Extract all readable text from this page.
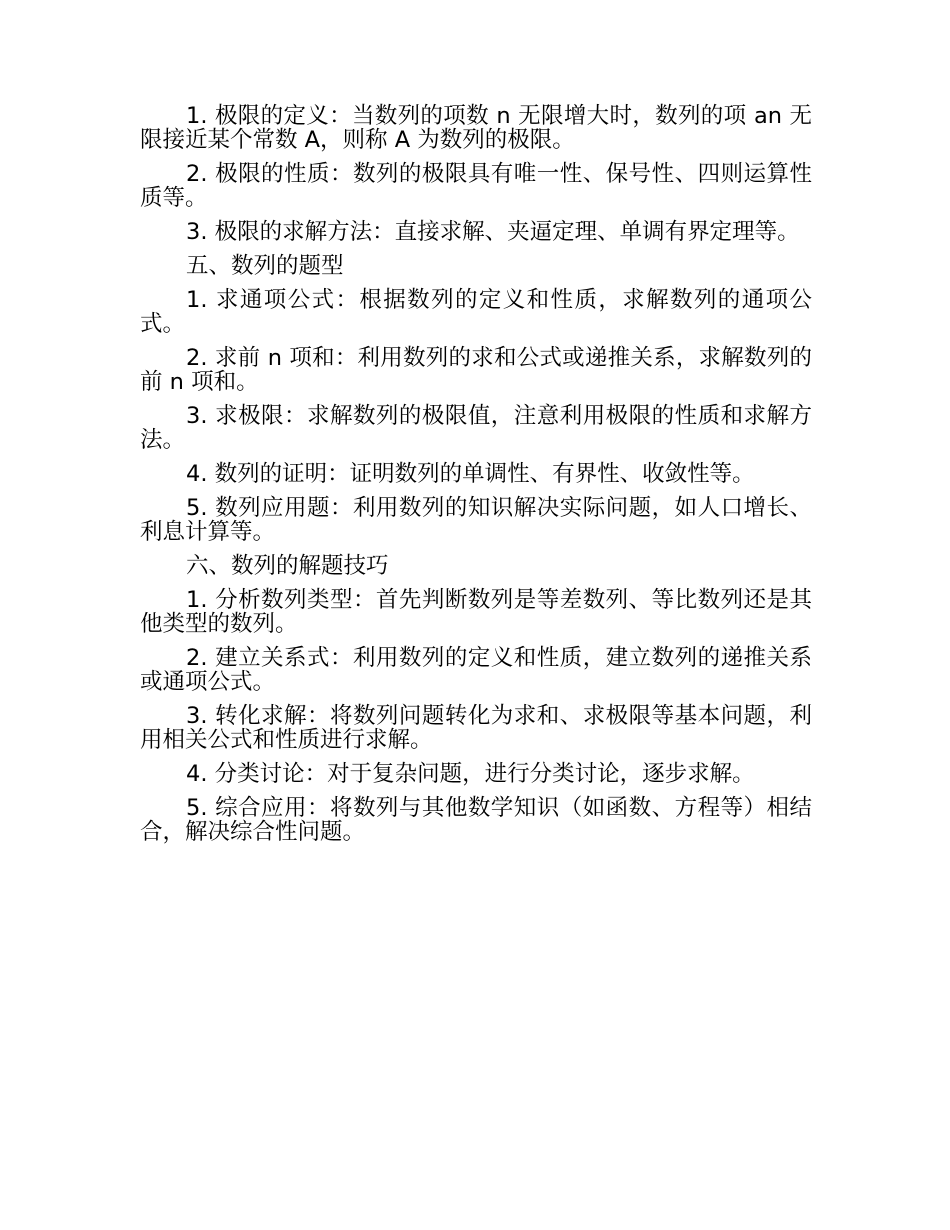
1. 极限的定义：当数列的项数 n 无限增大时，数列的项 an 无限接近某个常数 A，则称 A 为数列的极限。

2. 极限的性质：数列的极限具有唯一性、保号性、四则运算性质等。

3. 极限的求解方法：直接求解、夹逼定理、单调有界定理等。

五、数列的题型

1. 求通项公式：根据数列的定义和性质，求解数列的通项公式。

2. 求前 n 项和：利用数列的求和公式或递推关系，求解数列的前 n 项和。

3. 求极限：求解数列的极限值，注意利用极限的性质和求解方法。

4. 数列的证明：证明数列的单调性、有界性、收敛性等。

5. 数列应用题：利用数列的知识解决实际问题，如人口增长、利息计算等。

六、数列的解题技巧

1. 分析数列类型：首先判断数列是等差数列、等比数列还是其他类型的数列。

2. 建立关系式：利用数列的定义和性质，建立数列的递推关系或通项公式。

3. 转化求解：将数列问题转化为求和、求极限等基本问题，利用相关公式和性质进行求解。

4. 分类讨论：对于复杂问题，进行分类讨论，逐步求解。

5. 综合应用：将数列与其他数学知识（如函数、方程等）相结合，解决综合性问题。
